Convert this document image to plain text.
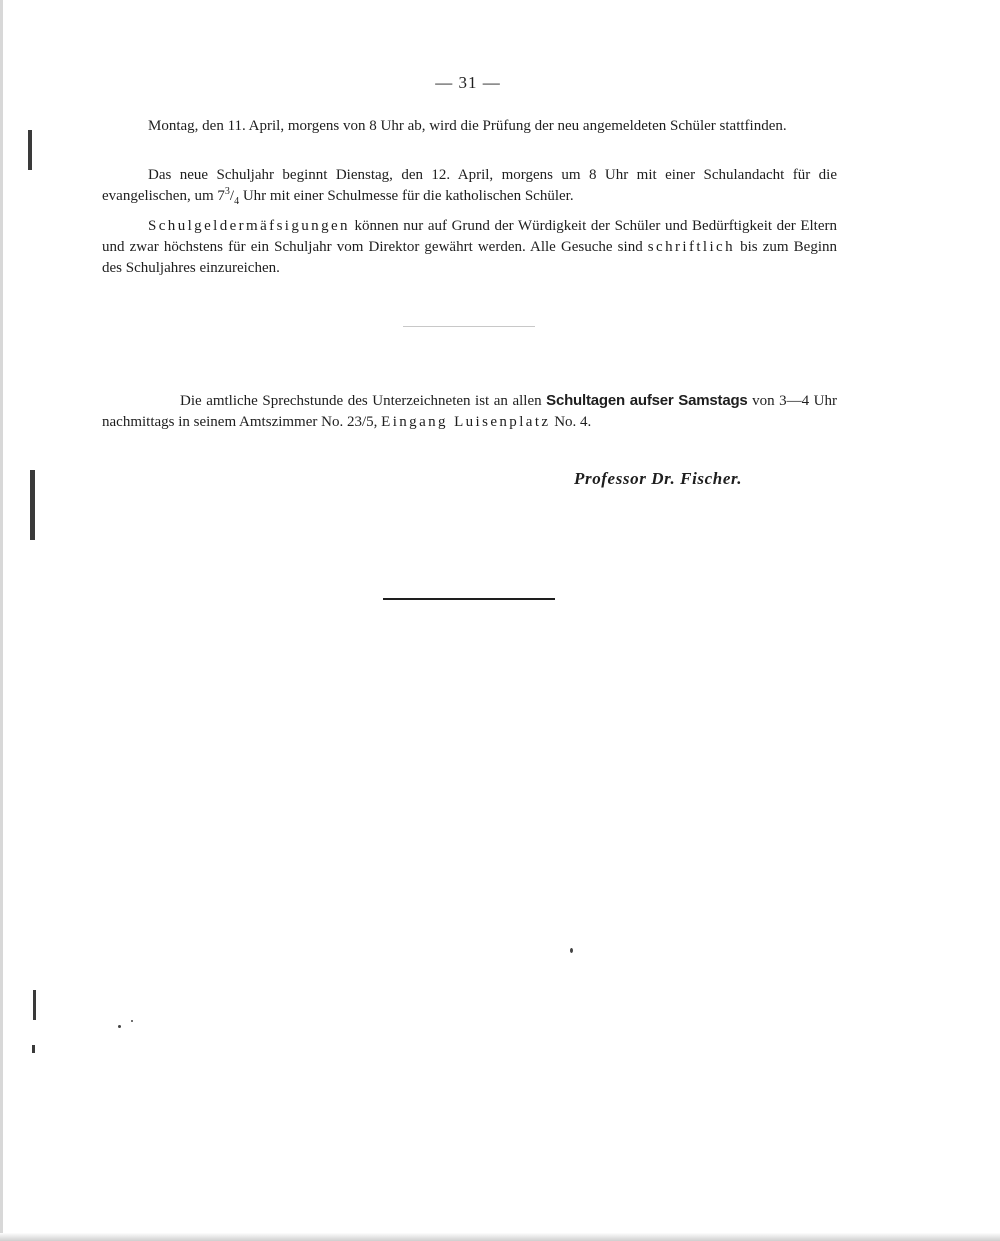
— 31 —
Montag, den 11. April, morgens von 8 Uhr ab, wird die Prüfung der neu angemeldeten Schüler stattfinden.
Das neue Schuljahr beginnt Dienstag, den 12. April, morgens um 8 Uhr mit einer Schulandacht für die evangelischen, um $7^3/_4$ Uhr mit einer Schulmesse für die katholischen Schüler.
Schulgeldermäfsigungen können nur auf Grund der Würdigkeit der Schüler und Bedürftigkeit der Eltern und zwar höchstens für ein Schuljahr vom Direktor gewährt werden. Alle Gesuche sind schriftlich bis zum Beginn des Schuljahres einzureichen.
Die amtliche Sprechstunde des Unterzeichneten ist an allen Schultagen aufser Samstags von 3—4 Uhr nachmittags in seinem Amtszimmer No. 23/5, Eingang Luisenplatz No. 4.
Professor Dr. Fischer.
